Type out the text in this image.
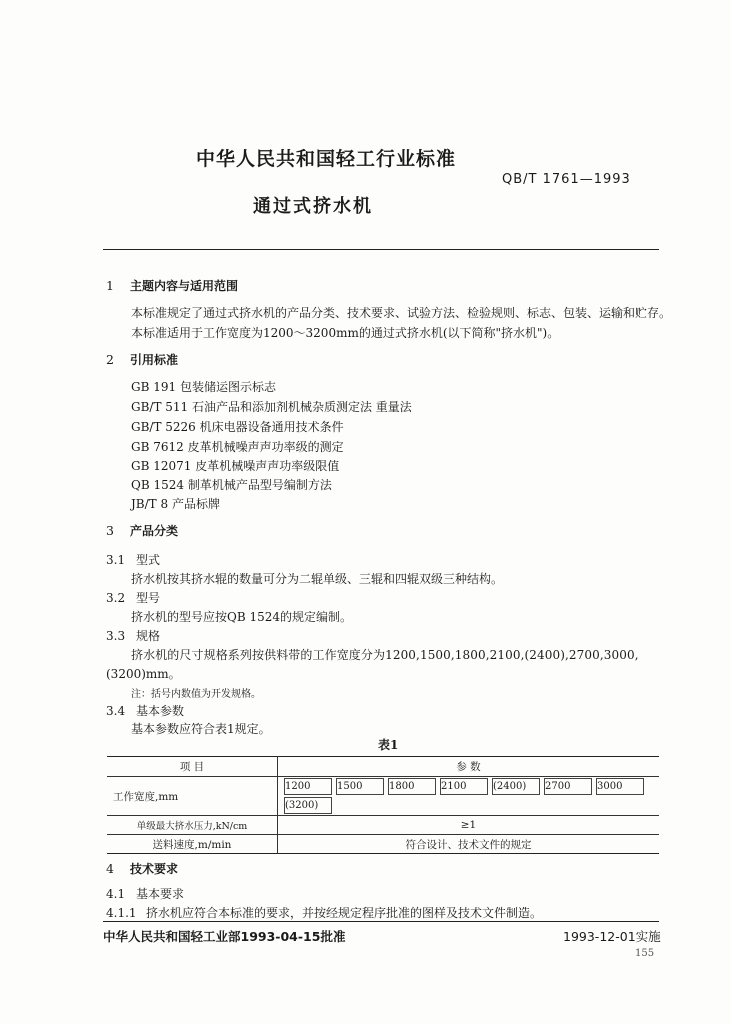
中华人民共和国轻工行业标准
QB/T 1761—1993
通过式挤水机
1 主题内容与适用范围
本标准规定了通过式挤水机的产品分类、技术要求、试验方法、检验规则、标志、包装、运输和贮存。
本标准适用于工作宽度为1200～3200mm的通过式挤水机(以下简称"挤水机")。
2 引用标准
GB 191 包装储运图示标志
GB/T 511 石油产品和添加剂机械杂质测定法 重量法
GB/T 5226 机床电器设备通用技术条件
GB 7612 皮革机械噪声声功率级的测定
GB 12071 皮革机械噪声声功率级限值
QB 1524 制革机械产品型号编制方法
JB/T 8 产品标牌
3 产品分类
3.1 型式
挤水机按其挤水辊的数量可分为二辊单级、三辊和四辊双级三种结构。
3.2 型号
挤水机的型号应按QB 1524的规定编制。
3.3 规格
挤水机的尺寸规格系列按供料带的工作宽度分为1200,1500,1800,2100,(2400),2700,3000,
(3200)mm。
注：括号内数值为开发规格。
3.4 基本参数
基本参数应符合表1规定。
表1
项 目	参 数
工作宽度,mm	1200 1500 1800 2100 (2400) 2700 3000(3200)
单级最大挤水压力,kN/cm	≥1
送料速度,m/min	符合设计、技术文件的规定
4 技术要求
4.1 基本要求
4.1.1 挤水机应符合本标准的要求，并按经规定程序批准的图样及技术文件制造。
中华人民共和国轻工业部1993-04-15批准	1993-12-01实施
155
